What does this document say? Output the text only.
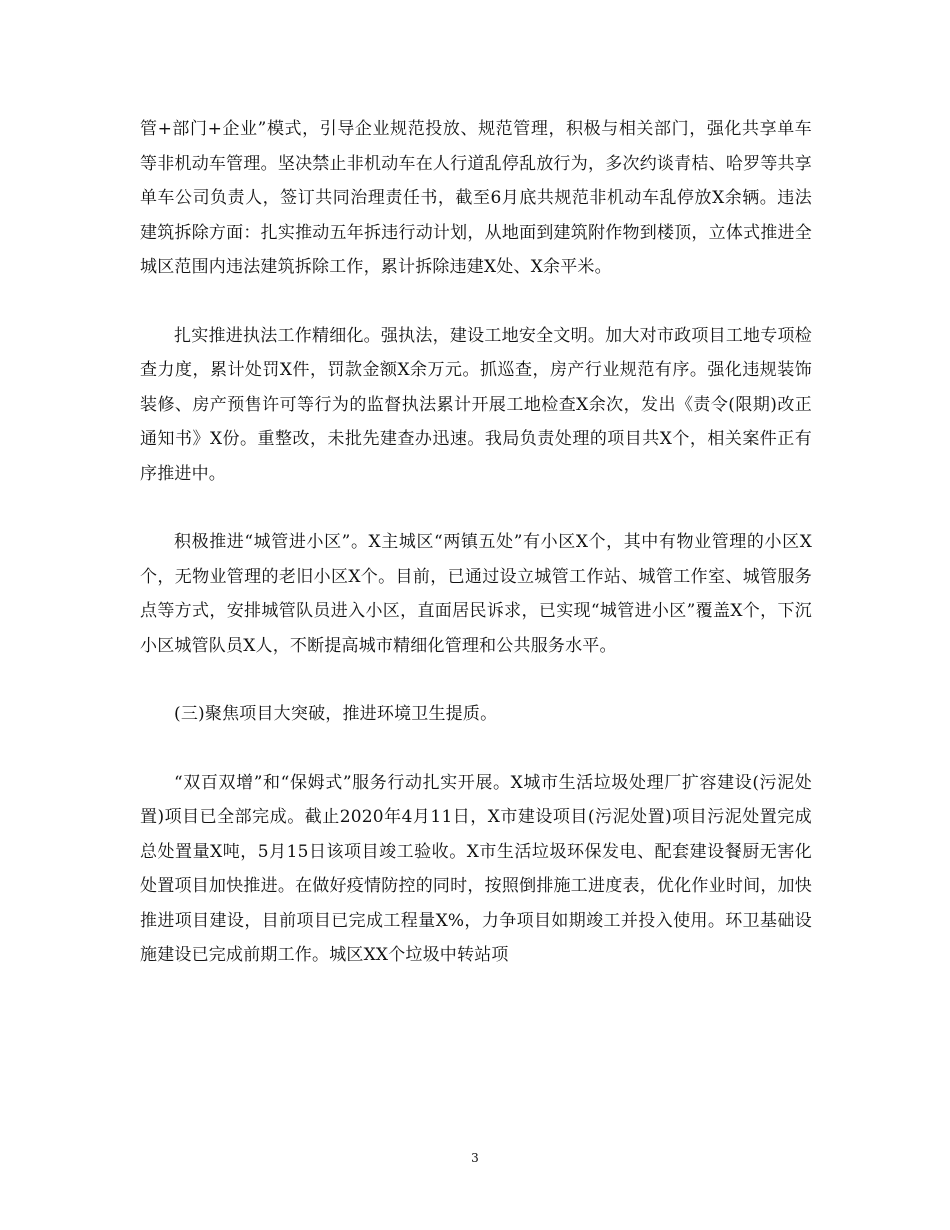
管+部门+企业”模式，引导企业规范投放、规范管理，积极与相关部门，强化共享单车等非机动车管理。坚决禁止非机动车在人行道乱停乱放行为，多次约谈青桔、哈罗等共享单车公司负责人，签订共同治理责任书，截至6月底共规范非机动车乱停放X余辆。违法建筑拆除方面：扎实推动五年拆违行动计划，从地面到建筑附作物到楼顶，立体式推进全城区范围内违法建筑拆除工作，累计拆除违建X处、X余平米。

扎实推进执法工作精细化。强执法，建设工地安全文明。加大对市政项目工地专项检查力度，累计处罚X件，罚款金额X余万元。抓巡查，房产行业规范有序。强化违规装饰装修、房产预售许可等行为的监督执法累计开展工地检查X余次，发出《责令(限期)改正通知书》X份。重整改，未批先建查办迅速。我局负责处理的项目共X个，相关案件正有序推进中。

积极推进“城管进小区”。X主城区“两镇五处”有小区X个，其中有物业管理的小区X个，无物业管理的老旧小区X个。目前，已通过设立城管工作站、城管工作室、城管服务点等方式，安排城管队员进入小区，直面居民诉求，已实现“城管进小区”覆盖X个，下沉小区城管队员X人，不断提高城市精细化管理和公共服务水平。

(三)聚焦项目大突破，推进环境卫生提质。

“双百双增”和“保姆式”服务行动扎实开展。X城市生活垃圾处理厂扩容建设(污泥处置)项目已全部完成。截止2020年4月11日，X市建设项目(污泥处置)项目污泥处置完成总处置量X吨，5月15日该项目竣工验收。X市生活垃圾环保发电、配套建设餐厨无害化处置项目加快推进。在做好疫情防控的同时，按照倒排施工进度表，优化作业时间，加快推进项目建设，目前项目已完成工程量X%，力争项目如期竣工并投入使用。环卫基础设施建设已完成前期工作。城区XX个垃圾中转站项

3
